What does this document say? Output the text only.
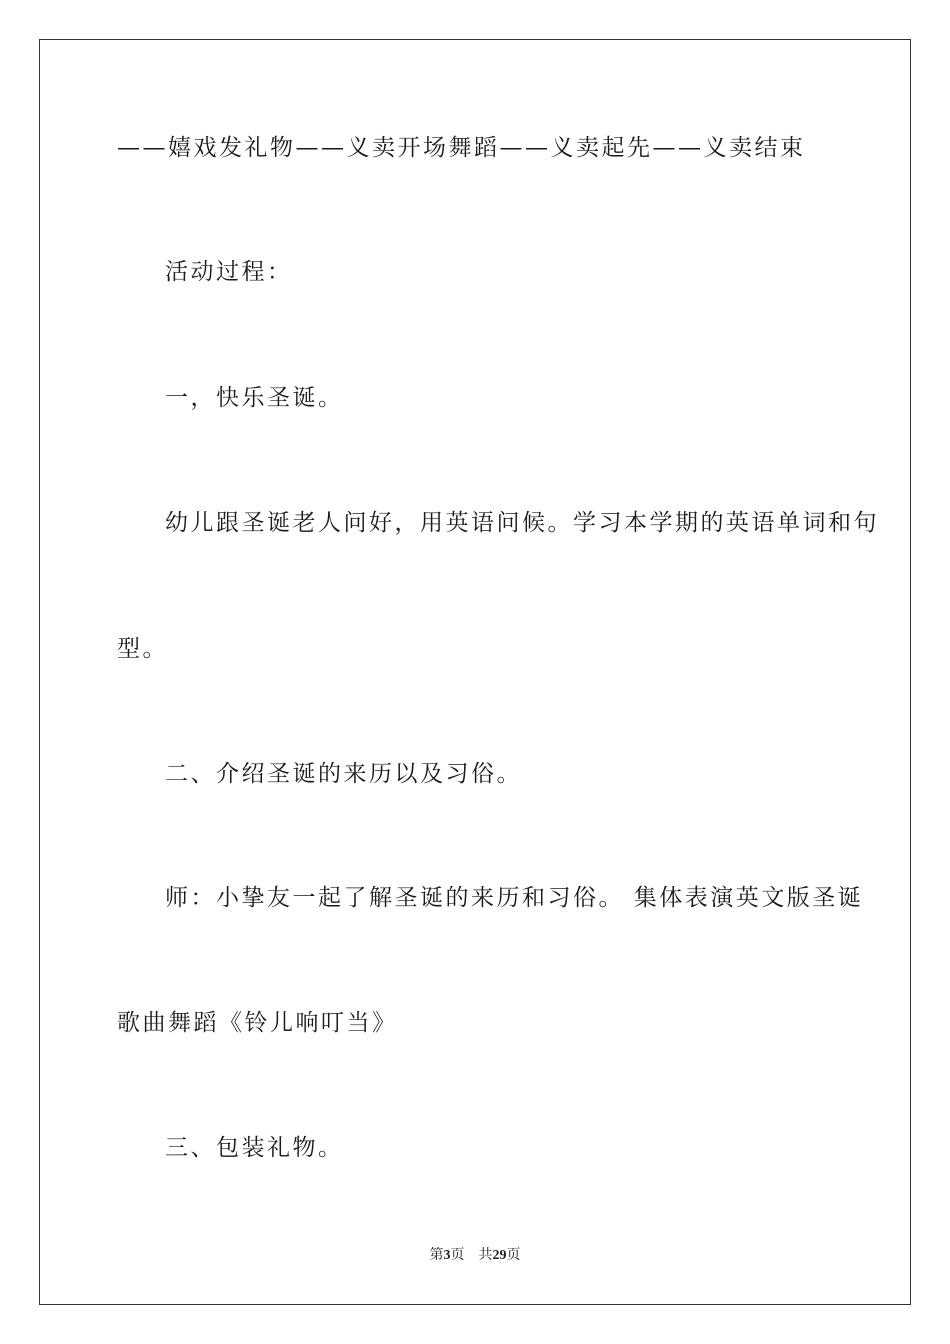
——嬉戏发礼物——义卖开场舞蹈——义卖起先——义卖结束
活动过程：
一，快乐圣诞。
幼儿跟圣诞老人问好，用英语问候。学习本学期的英语单词和句
型。
二、介绍圣诞的来历以及习俗。
师：小挚友一起了解圣诞的来历和习俗。 集体表演英文版圣诞
歌曲舞蹈《铃儿响叮当》
三、包装礼物。
第3页 共29页
